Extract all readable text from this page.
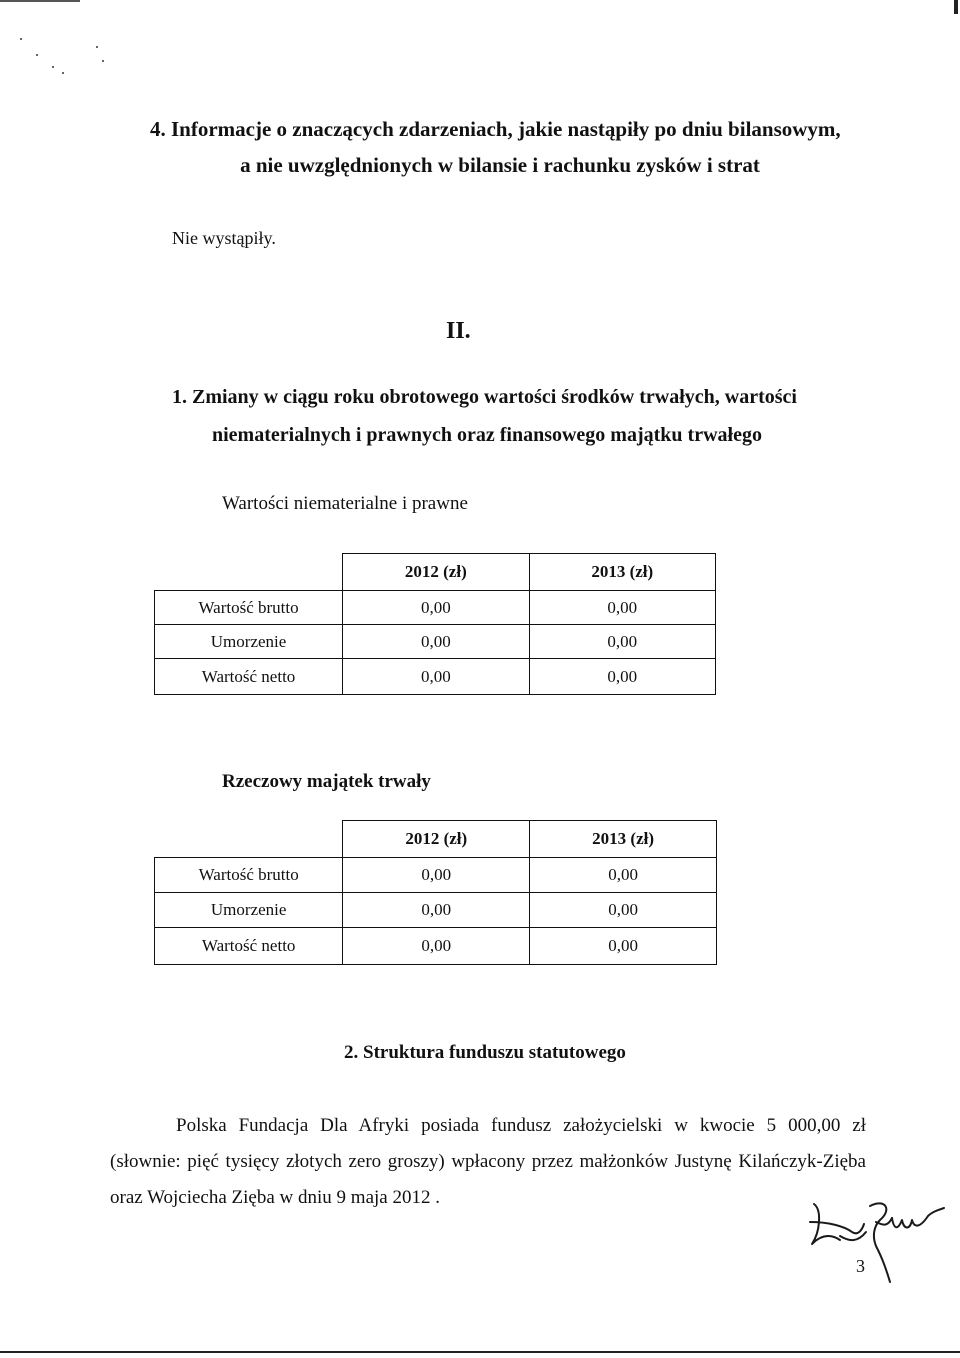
4. Informacje o znaczących zdarzeniach, jakie nastąpiły po dniu bilansowym,
a nie uwzględnionych w bilansie i rachunku zysków i strat
Nie wystąpiły.
II.
1. Zmiany w ciągu roku obrotowego wartości środków trwałych, wartości
niematerialnych i prawnych oraz finansowego majątku trwałego
Wartości niematerialne i prawne
	2012 (zł)	2013 (zł)
Wartość brutto	0,00	0,00
Umorzenie	0,00	0,00
Wartość netto	0,00	0,00
Rzeczowy majątek trwały
	2012 (zł)	2013 (zł)
Wartość brutto	0,00	0,00
Umorzenie	0,00	0,00
Wartość netto	0,00	0,00
2. Struktura funduszu statutowego
Polska Fundacja Dla Afryki posiada fundusz założycielski w kwocie 5 000,00 zł
(słownie: pięć tysięcy złotych zero groszy) wpłacony przez małżonków Justynę Kilańczyk-Zięba
oraz Wojciecha Zięba w dniu 9 maja 2012 .
3
